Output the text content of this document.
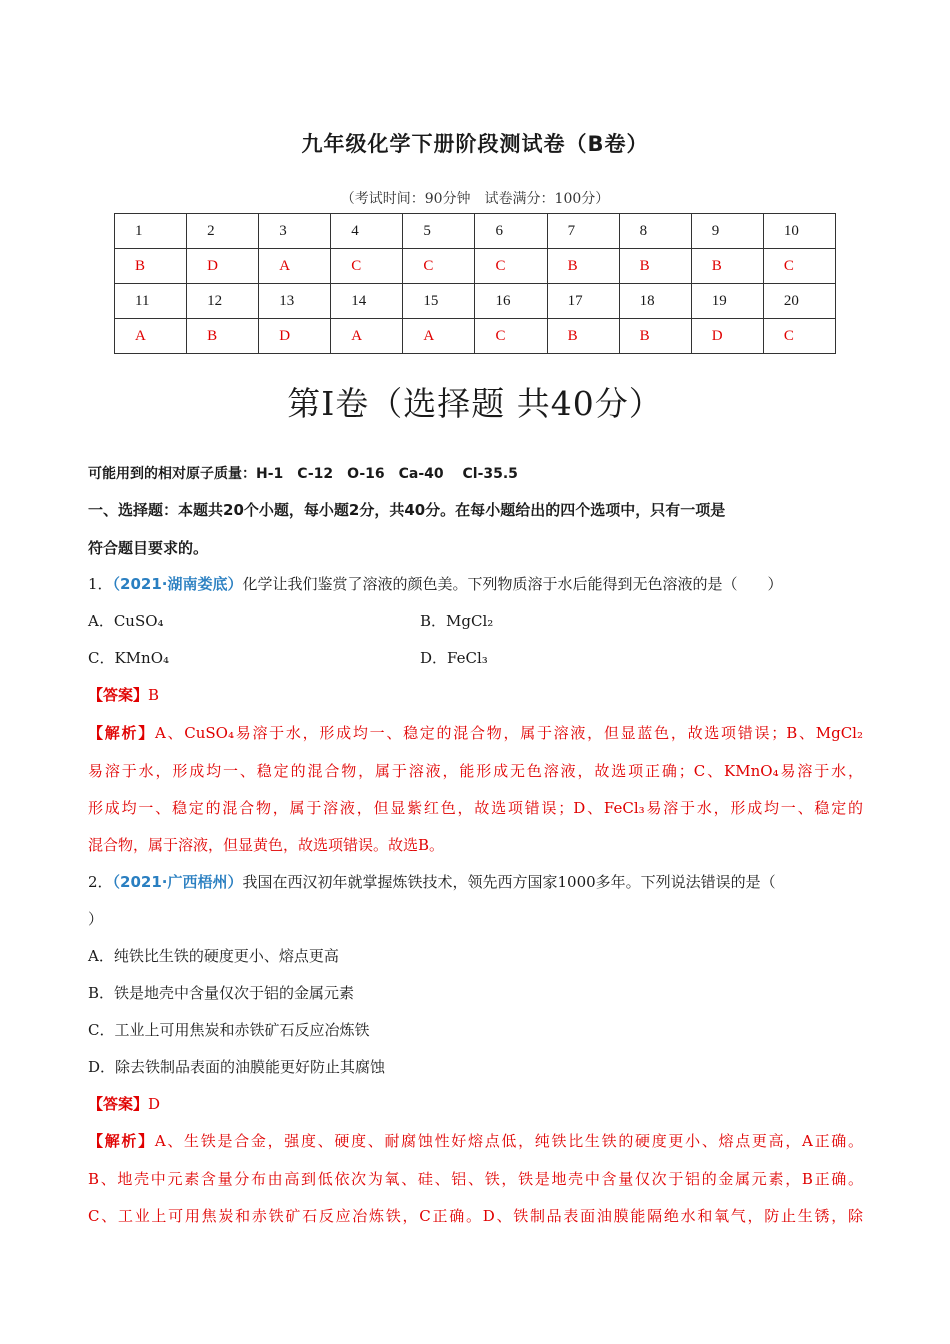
九年级化学下册阶段测试卷（B卷）
（考试时间：90分钟　试卷满分：100分）
1	2	3	4	5	6	7	8	9	10
B	D	A	C	C	C	B	B	B	C
11	12	13	14	15	16	17	18	19	20
A	B	D	A	A	C	B	B	D	C
第Ⅰ卷（选择题 共40分）
可能用到的相对原子质量：H-1　C-12　O-16　Ca-40　 Cl-35.5
一、选择题：本题共20个小题，每小题2分，共40分。在每小题给出的四个选项中，只有一项是
符合题目要求的。
1．（2021·湖南娄底）化学让我们鉴赏了溶液的颜色美。下列物质溶于水后能得到无色溶液的是（　　）
A．CuSO₄	B．MgCl₂
C．KMnO₄	D．FeCl₃
【答案】B
【解析】A、CuSO₄易溶于水，形成均一、稳定的混合物，属于溶液，但显蓝色，故选项错误；B、MgCl₂
易溶于水，形成均一、稳定的混合物，属于溶液，能形成无色溶液，故选项正确；C、KMnO₄易溶于水，
形成均一、稳定的混合物，属于溶液，但显紫红色，故选项错误；D、FeCl₃易溶于水，形成均一、稳定的
混合物，属于溶液，但显黄色，故选项错误。故选B。
2．（2021·广西梧州）我国在西汉初年就掌握炼铁技术，领先西方国家1000多年。下列说法错误的是（
）
A．纯铁比生铁的硬度更小、熔点更高
B．铁是地壳中含量仅次于铝的金属元素
C．工业上可用焦炭和赤铁矿石反应冶炼铁
D．除去铁制品表面的油膜能更好防止其腐蚀
【答案】D
【解析】A、生铁是合金，强度、硬度、耐腐蚀性好熔点低，纯铁比生铁的硬度更小、熔点更高，A正确。
B、地壳中元素含量分布由高到低依次为氧、硅、铝、铁，铁是地壳中含量仅次于铝的金属元素，B正确。
C、工业上可用焦炭和赤铁矿石反应冶炼铁，C正确。D、铁制品表面油膜能隔绝水和氧气，防止生锈，除
